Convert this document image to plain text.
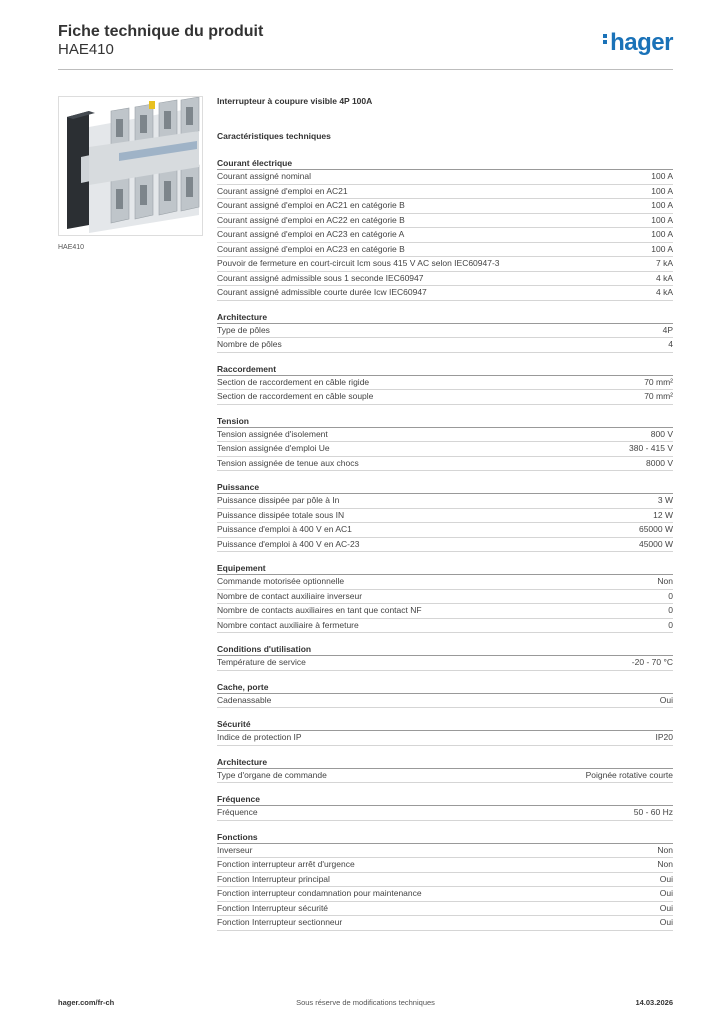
Fiche technique du produit
HAE410	hager
HAE410
Interrupteur à coupure visible 4P 100A
Caractéristiques techniques
Courant électrique
Courant assigné nominal	100 A
Courant assigné d'emploi en AC21	100 A
Courant assigné d'emploi en AC21 en catégorie B	100 A
Courant assigné d'emploi en AC22 en catégorie B	100 A
Courant assigné d'emploi en AC23 en catégorie A	100 A
Courant assigné d'emploi en AC23 en catégorie B	100 A
Pouvoir de fermeture en court-circuit Icm sous 415 V AC selon IEC60947-3	7 kA
Courant assigné admissible sous 1 seconde IEC60947	4 kA
Courant assigné admissible courte durée Icw IEC60947	4 kA
Architecture
Type de pôles	4P
Nombre de pôles	4
Raccordement
Section de raccordement en câble rigide	70 mm²
Section de raccordement en câble souple	70 mm²
Tension
Tension assignée d'isolement	800 V
Tension assignée d'emploi Ue	380 - 415 V
Tension assignée de tenue aux chocs	8000 V
Puissance
Puissance dissipée par pôle à In	3 W
Puissance dissipée totale sous IN	12 W
Puissance d'emploi à 400 V en AC1	65000 W
Puissance d'emploi à 400 V en AC-23	45000 W
Equipement
Commande motorisée optionnelle	Non
Nombre de contact auxiliaire inverseur	0
Nombre de contacts auxiliaires en tant que contact NF	0
Nombre contact auxiliaire à fermeture	0
Conditions d'utilisation
Température de service	-20 - 70 °C
Cache, porte
Cadenassable	Oui
Sécurité
Indice de protection IP	IP20
Architecture
Type d'organe de commande	Poignée rotative courte
Fréquence
Fréquence	50 - 60 Hz
Fonctions
Inverseur	Non
Fonction interrupteur arrêt d'urgence	Non
Fonction Interrupteur principal	Oui
Fonction interrupteur condamnation pour maintenance	Oui
Fonction Interrupteur sécurité	Oui
Fonction Interrupteur sectionneur	Oui
Sous réserve de modifications techniques
hager.com/fr-ch	14.03.2026
